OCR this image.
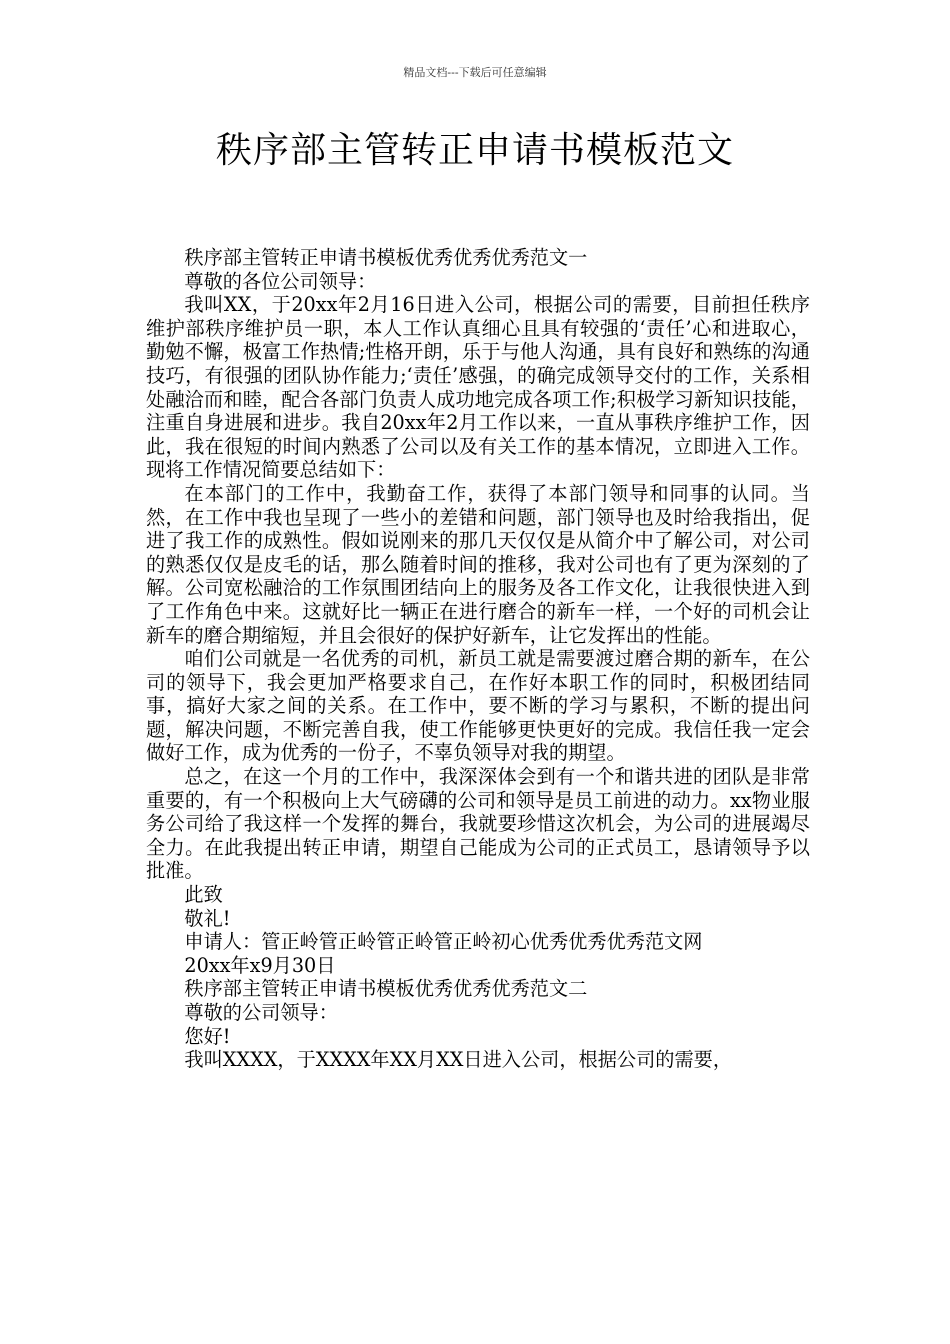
精品文档---下载后可任意编辑
秩序部主管转正申请书模板范文

秩序部主管转正申请书模板优秀优秀优秀范文一

尊敬的各位公司领导：

我叫XX，于20xx年2月16日进入公司，根据公司的需要，目前担任秩序维护部秩序维护员一职，本人工作认真细心且具有较强的‘责任’心和进取心，勤勉不懈，极富工作热情;性格开朗，乐于与他人沟通，具有良好和熟练的沟通技巧，有很强的团队协作能力;‘责任’感强，的确完成领导交付的工作，关系相处融洽而和睦，配合各部门负责人成功地完成各项工作;积极学习新知识技能，注重自身进展和进步。我自20xx年2月工作以来，一直从事秩序维护工作，因此，我在很短的时间内熟悉了公司以及有关工作的基本情况，立即进入工作。现将工作情况简要总结如下：

在本部门的工作中，我勤奋工作，获得了本部门领导和同事的认同。当然，在工作中我也呈现了一些小的差错和问题，部门领导也及时给我指出，促进了我工作的成熟性。假如说刚来的那几天仅仅是从简介中了解公司，对公司的熟悉仅仅是皮毛的话，那么随着时间的推移，我对公司也有了更为深刻的了解。公司宽松融洽的工作氛围团结向上的服务及各工作文化，让我很快进入到了工作角色中来。这就好比一辆正在进行磨合的新车一样，一个好的司机会让新车的磨合期缩短，并且会很好的保护好新车，让它发挥出的性能。

咱们公司就是一名优秀的司机，新员工就是需要渡过磨合期的新车，在公司的领导下，我会更加严格要求自己，在作好本职工作的同时，积极团结同事，搞好大家之间的关系。在工作中，要不断的学习与累积，不断的提出问题，解决问题，不断完善自我，使工作能够更快更好的完成。我信任我一定会做好工作，成为优秀的一份子，不辜负领导对我的期望。

总之，在这一个月的工作中，我深深体会到有一个和谐共进的团队是非常重要的，有一个积极向上大气磅礴的公司和领导是员工前进的动力。xx物业服务公司给了我这样一个发挥的舞台，我就要珍惜这次机会，为公司的进展竭尽全力。在此我提出转正申请，期望自己能成为公司的正式员工，恳请领导予以批准。

此致

敬礼!

申请人：管正岭管正岭管正岭管正岭初心优秀优秀优秀范文网

20xx年x9月30日

秩序部主管转正申请书模板优秀优秀优秀范文二

尊敬的公司领导：

您好!

我叫XXXX，于XXXX年XX月XX日进入公司，根据公司的需要，
